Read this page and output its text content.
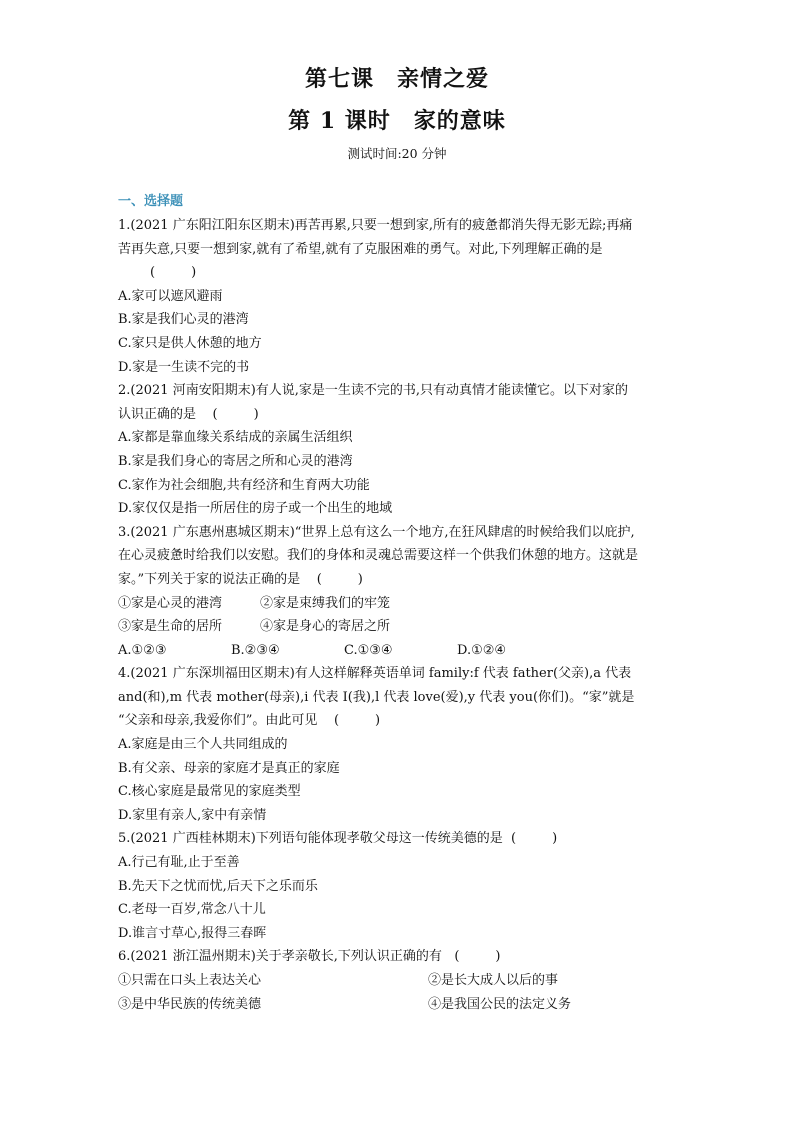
第七课　亲情之爱
第 1 课时　家的意味
测试时间:20 分钟
一、选择题
1.(2021 广东阳江阳东区期末)再苦再累,只要一想到家,所有的疲惫都消失得无影无踪;再痛
苦再失意,只要一想到家,就有了希望,就有了克服困难的勇气。对此,下列理解正确的是
(	)
A.家可以遮风避雨
B.家是我们心灵的港湾
C.家只是供人休憩的地方
D.家是一生读不完的书
2.(2021 河南安阳期末)有人说,家是一生读不完的书,只有动真情才能读懂它。以下对家的
认识正确的是 (	)
A.家都是靠血缘关系结成的亲属生活组织
B.家是我们身心的寄居之所和心灵的港湾
C.家作为社会细胞,共有经济和生育两大功能
D.家仅仅是指一所居住的房子或一个出生的地域
3.(2021 广东惠州惠城区期末)“世界上总有这么一个地方,在狂风肆虐的时候给我们以庇护,
在心灵疲惫时给我们以安慰。我们的身体和灵魂总需要这样一个供我们休憩的地方。这就是
家。”下列关于家的说法正确的是 (	)
①家是心灵的港湾	②家是束缚我们的牢笼
③家是生命的居所	④家是身心的寄居之所
A.①②③	B.②③④	C.①③④	D.①②④
4.(2021 广东深圳福田区期末)有人这样解释英语单词 family:f 代表 father(父亲),a 代表
and(和),m 代表 mother(母亲),i 代表 I(我),l 代表 love(爱),y 代表 you(你们)。“家”就是
“父亲和母亲,我爱你们”。由此可见 (	)
A.家庭是由三个人共同组成的
B.有父亲、母亲的家庭才是真正的家庭
C.核心家庭是最常见的家庭类型
D.家里有亲人,家中有亲情
5.(2021 广西桂林期末)下列语句能体现孝敬父母这一传统美德的是 (	)
A.行己有耻,止于至善
B.先天下之忧而忧,后天下之乐而乐
C.老母一百岁,常念八十儿
D.谁言寸草心,报得三春晖
6.(2021 浙江温州期末)关于孝亲敬长,下列认识正确的有 (	)
①只需在口头上表达关心	②是长大成人以后的事
③是中华民族的传统美德	④是我国公民的法定义务
